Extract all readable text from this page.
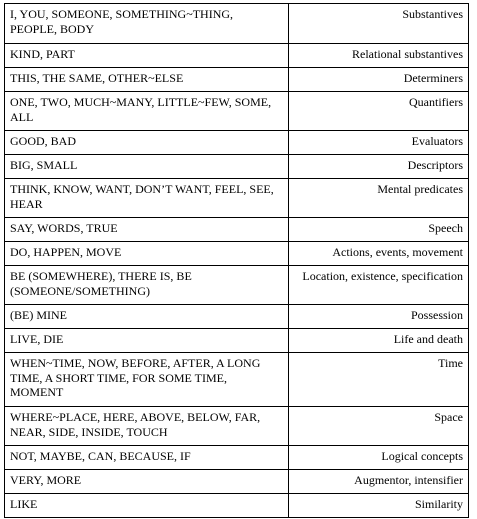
I, YOU, SOMEONE, SOMETHING~THING, PEOPLE, BODY	Substantives
KIND, PART	Relational substantives
THIS, THE SAME, OTHER~ELSE	Determiners
ONE, TWO, MUCH~MANY, LITTLE~FEW, SOME, ALL	Quantifiers
GOOD, BAD	Evaluators
BIG, SMALL	Descriptors
THINK, KNOW, WANT, DON’T WANT, FEEL, SEE, HEAR	Mental predicates
SAY, WORDS, TRUE	Speech
DO, HAPPEN, MOVE	Actions, events, movement
BE (SOMEWHERE), THERE IS, BE (SOMEONE/SOMETHING)	Location, existence, specification
(BE) MINE	Possession
LIVE, DIE	Life and death
WHEN~TIME, NOW, BEFORE, AFTER, A LONG TIME, A SHORT TIME, FOR SOME TIME, MOMENT	Time
WHERE~PLACE, HERE, ABOVE, BELOW, FAR, NEAR, SIDE, INSIDE, TOUCH	Space
NOT, MAYBE, CAN, BECAUSE, IF	Logical concepts
VERY, MORE	Augmentor, intensifier
LIKE	Similarity
